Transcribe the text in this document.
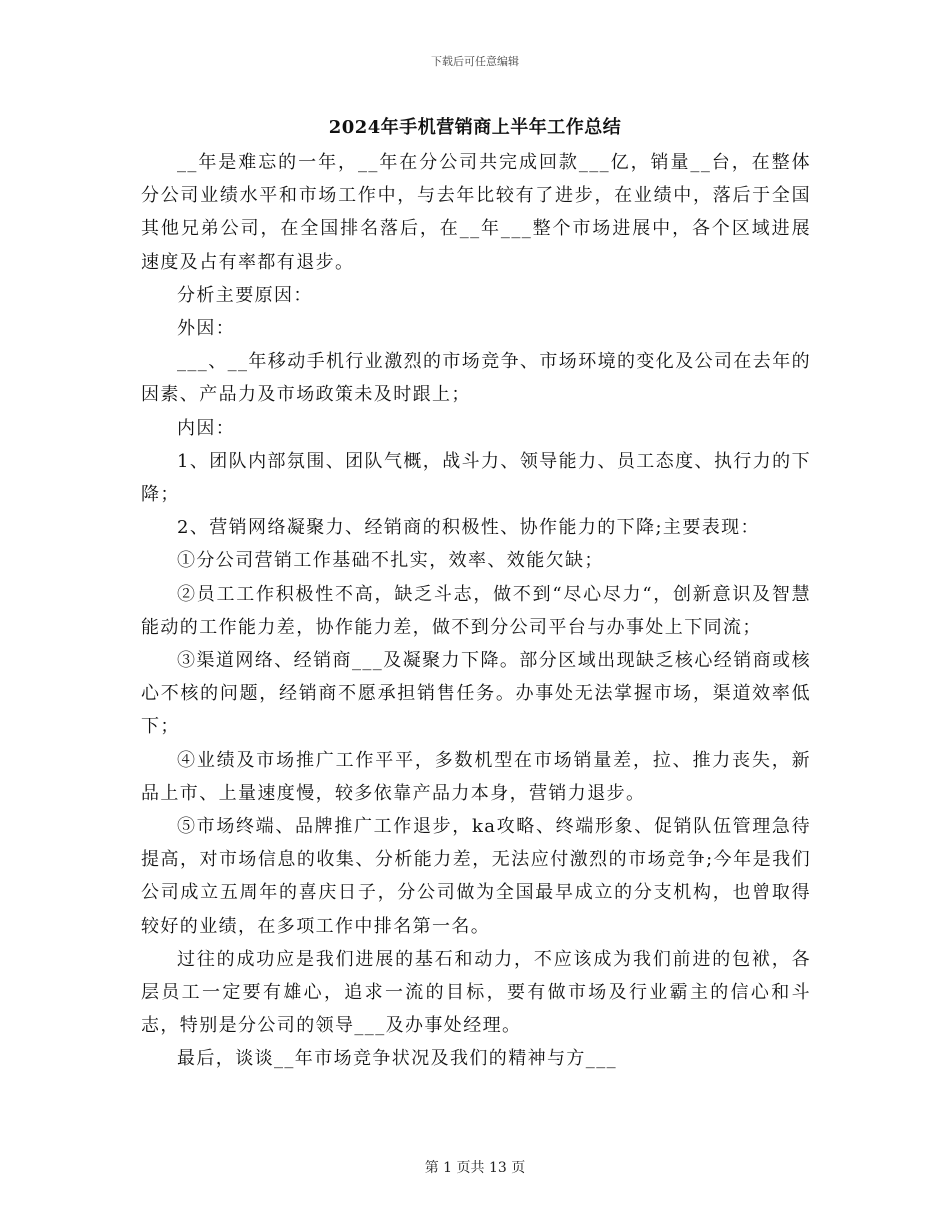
下载后可任意编辑
2024年手机营销商上半年工作总结

__年是难忘的一年，__年在分公司共完成回款___亿，销量__台，在整体分公司业绩水平和市场工作中，与去年比较有了进步，在业绩中，落后于全国其他兄弟公司，在全国排名落后，在__年___整个市场进展中，各个区域进展速度及占有率都有退步。

分析主要原因：

外因：

___、__年移动手机行业激烈的市场竞争、市场环境的变化及公司在去年的因素、产品力及市场政策未及时跟上；

内因：

1、团队内部氛围、团队气概，战斗力、领导能力、员工态度、执行力的下降；

2、营销网络凝聚力、经销商的积极性、协作能力的下降;主要表现：

①分公司营销工作基础不扎实，效率、效能欠缺；

②员工工作积极性不高，缺乏斗志，做不到“尽心尽力“，创新意识及智慧能动的工作能力差，协作能力差，做不到分公司平台与办事处上下同流；

③渠道网络、经销商___及凝聚力下降。部分区域出现缺乏核心经销商或核心不核的问题，经销商不愿承担销售任务。办事处无法掌握市场，渠道效率低下；

④业绩及市场推广工作平平，多数机型在市场销量差，拉、推力丧失，新品上市、上量速度慢，较多依靠产品力本身，营销力退步。

⑤市场终端、品牌推广工作退步，ka攻略、终端形象、促销队伍管理急待提高，对市场信息的收集、分析能力差，无法应付激烈的市场竞争;今年是我们公司成立五周年的喜庆日子，分公司做为全国最早成立的分支机构，也曾取得较好的业绩，在多项工作中排名第一名。

过往的成功应是我们进展的基石和动力，不应该成为我们前进的包袱，各层员工一定要有雄心，追求一流的目标，要有做市场及行业霸主的信心和斗志，特别是分公司的领导___及办事处经理。

最后，谈谈__年市场竞争状况及我们的精神与方___

第 1 页共 13 页
